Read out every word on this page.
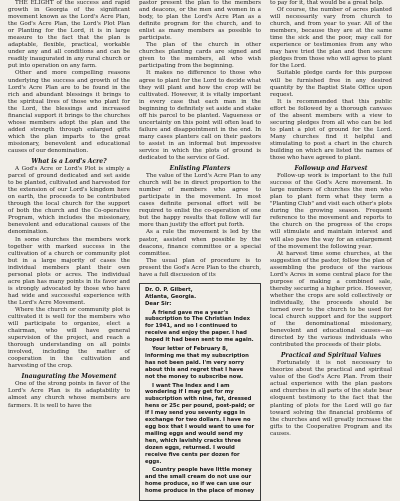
THE ELIGHT of the success and rapid growth in Georgia of the significant movement known as the Lord's Acre Plan, the God's Acre Plan, the Lord's Plot Plan or Planting for the Lord, it is in large measure to the fact that the plan is adaptable, flexible, practical, workable under any and all conditions and can be readily inaugurated in any rural church or put into operation on any farm.

Other and more compelling reasons underlying the success and growth of the Lord's Acre Plan are to be found in the rich and abundant blessings it brings to the spiritual lives of those who plant for the Lord, the blessings and increased financial support it brings to the churches whose members adopt the plan and the added strength through enlarged gifts which the plan imparts to the great missionary, benevolent and educational causes of our denomination.

What is a Lord's Acre?

A God's Acre or Lord's Plot is simply a parcel of ground dedicated and set aside to be planted, cultivated and harvested for the extension of our Lord's kingdom here on earth, the proceeds to be contributed through the local church for the support of both the church and the Co-operative Program, which includes the missionary, benevolent and educational causes of the denomination.

In some churches the members work together with marked success in the cultivation of a church or community plot but in a large majority of cases the individual members plant their own personal plots or acres. The individual acre plan has many points in its favor and is strongly advocated by those who have had wide and successful experience with the Lord's Acre Movement.

Where the church or community plot is cultivated it is well for the members who will participate to organize, elect a chairman, who will have general supervision of the project, and reach a thorough understanding on all points involved, including the matter of cooperation in the cultivation and harvesting of the crop.

Inaugurating the Movement

One of the strong points in favor of the Lord's Acre Plan is its adaptability to almost any church whose members are farmers. It is well to have the

pastor present the plan to the members and deacons, or the men and women in a body, to plan the Lord's Acre Plan as a definite program for the church, and to enlist as many members as possible to participate.

The plan of the church in other churches planting cards are signed and given to the members, all who wish participating from the beginning.

It makes no difference to those who agree to plant for the Lord to decide what they will plant and how the crop will be cultivated. However, it is vitally important in every case that each man in the beginning to definitely set aside and stake off his parcel to be planted. Vagueness or uncertainty on this point will often lead to failure and disappointment in the end. In many cases planters call on their pastors to assist in an informal but impressive service in which the plots of ground is dedicated to the service of God.

Enlisting Planters

The value of the Lord's Acre Plan to any church will be in direct proportion to the number of members who agree to participate in the movement. In most cases definite personal effort will be required to enlist the co-operation of one but the happy results that follow will far more than justify the effort put forth.

As a rule the movement is led by the pastor, assisted when possible by the deacons, finance committee or a special committee.

The usual plan of procedure is to present the God's Acre Plan to the church, have a full discussion of its

Dr. O. P. Gilbert,

Atlanta, Georgia.

Dear Sir:

A friend gave me a year's subscription to The Christian Index for 1941, and so I continued to receive and enjoy the paper. I had hoped it had been sent to me again.

Your letter of February 8, informing me that my subscription has not been paid. I'm very sorry about this and regret that I have not the money to subscribe now.

I want The Index and I am wondering if I may get for my subscription with nine, fat, dressed hens or 25c per pound, post-paid; or if I may send you seventy eggs in exchange for two dollars. I have no egg box that I would want to use for mailing eggs and would send my hen, which lavishly cracks three dozen eggs, returned. I would receive five cents per dozen for eggs.

Country people have little money and the small cream do not use our home produce, so if we can use our home produce in the place of money

to pay for it, that would be a great help.

Of course, the number of acres planted will necessarily vary from church to church, and from year to year. All of the members, because they are at the same time the sick and the poor, may call for experience or testimonies from any who may have tried the plan and then secure pledges from those who will agree to plant for the Lord.

Suitable pledge cards for this purpose will be furnished free in any desired quantity by the Baptist State Office upon request.

It is recommended that this public effort be followed by a thorough canvass of the absent members with a view to securing pledges from all who can be led to plant a plot of ground for the Lord. Many churches find it helpful and stimulating to post a chart in the church building on which are listed the names of those who have agreed to plant.

Followup and Harvest

Follow-up work is important to the full success of the God's Acre movement. In large numbers of churches the men who plan to plant form what they term a "Planting Club" and visit each other's plots during the growing season. Frequent reference to the movement and reports to the church on the progress of the crops will stimulate and maintain interest and will also pave the way for an enlargement of the movement the following year.

At harvest time some churches, at the suggestion of the pastor, follow the plan of assembling the produce of the various Lord's Acres in some central place for the purpose of making a combined sale, thereby securing a higher price. However, whether the crops are sold collectively or individually, the proceeds should be turned over to the church to be used for local church support and for the support of the denominational missionary, benevolent and educational causes—as directed by the various individuals who contributed the proceeds of their plots.

Practical and Spiritual Values

Fortunately it is not necessary to theorize about the practical and spiritual value of the God's Acre Plan. From their actual experience with the plan pastors and churches in all parts of the state bear eloquent testimony to the fact that the planting of plots for the Lord will go far toward solving the financial problems of the churches and will greatly increase the gifts to the Cooperative Program and its causes.
